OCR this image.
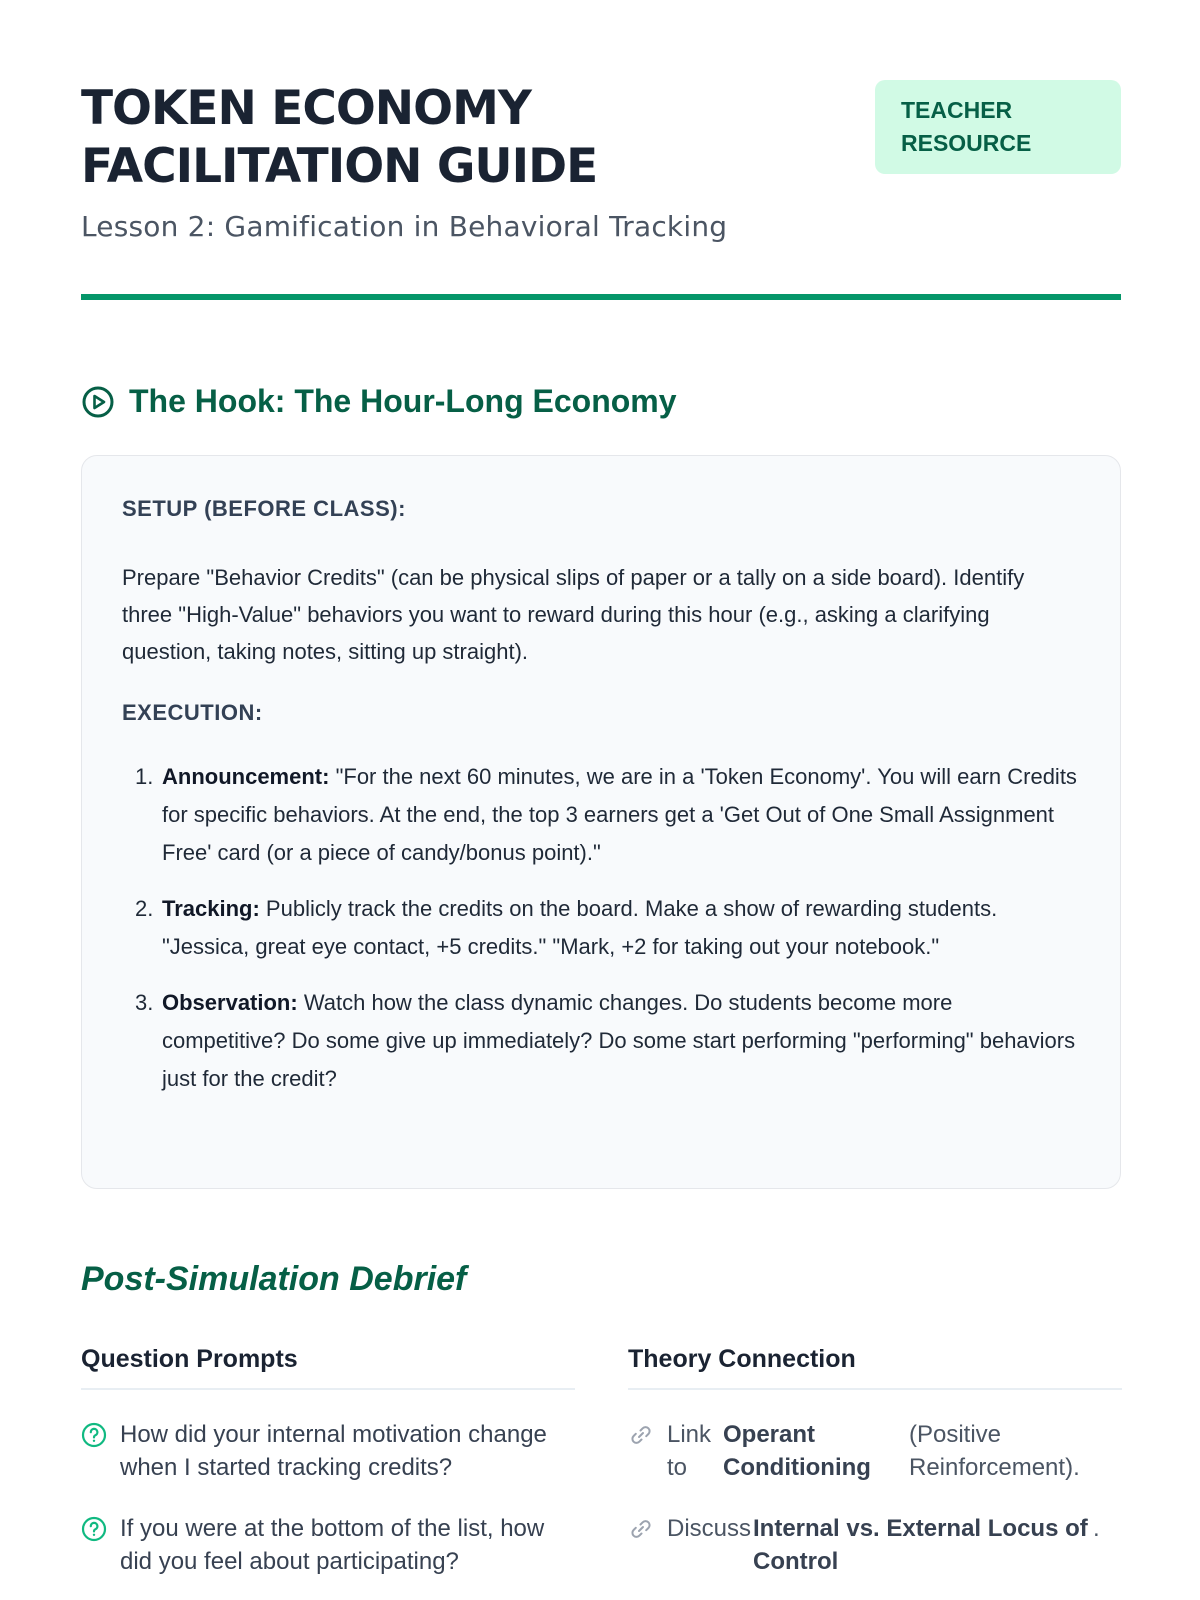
TOKEN ECONOMY
FACILITATION GUIDE
Lesson 2: Gamification in Behavioral Tracking
TEACHER
RESOURCE
The Hook: The Hour-Long Economy
SETUP (BEFORE CLASS):

Prepare "Behavior Credits" (can be physical slips of paper or a tally on a side board). Identify three "High-Value" behaviors you want to reward during this hour (e.g., asking a clarifying question, taking notes, sitting up straight).

EXECUTION:
1. Announcement: "For the next 60 minutes, we are in a 'Token Economy'. You will earn Credits for specific behaviors. At the end, the top 3 earners get a 'Get Out of One Small Assignment Free' card (or a piece of candy/bonus point)."
2. Tracking: Publicly track the credits on the board. Make a show of rewarding students. "Jessica, great eye contact, +5 credits." "Mark, +2 for taking out your notebook."
3. Observation: Watch how the class dynamic changes. Do students become more competitive? Do some give up immediately? Do some start performing "performing" behaviors just for the credit?
Post-Simulation Debrief
Question Prompts
How did your internal motivation change when I started tracking credits?
If you were at the bottom of the list, how did you feel about participating?
Theory Connection
Link to
Operant Conditioning
(Positive Reinforcement).
Discuss Internal vs. External Locus of Control
.
